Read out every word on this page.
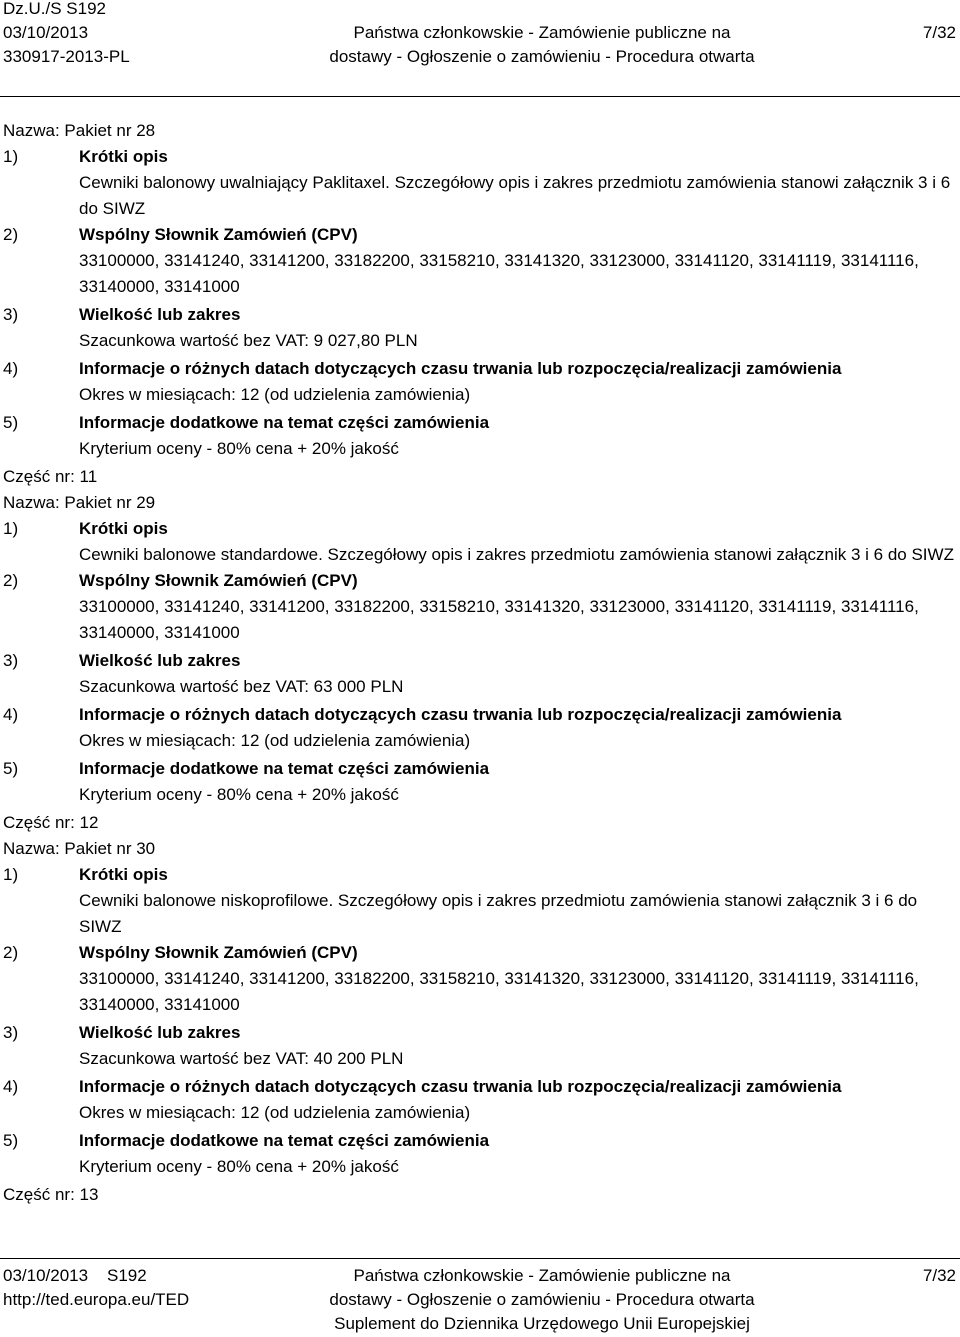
Dz.U./S S192
03/10/2013
330917-2013-PL
Państwa członkowskie - Zamówienie publiczne na
dostawy - Ogłoszenie o zamówieniu - Procedura otwarta
7/32
Nazwa: Pakiet nr 28
1)	Krótki opis
Cewniki balonowy uwalniający Paklitaxel. Szczegółowy opis i zakres przedmiotu zamówienia stanowi załącznik 3 i 6 do SIWZ
2)	Wspólny Słownik Zamówień (CPV)
33100000, 33141240, 33141200, 33182200, 33158210, 33141320, 33123000, 33141120, 33141119, 33141116, 33140000, 33141000
3)	Wielkość lub zakres
Szacunkowa wartość bez VAT: 9 027,80 PLN
4)	Informacje o różnych datach dotyczących czasu trwania lub rozpoczęcia/realizacji zamówienia
Okres w miesiącach: 12 (od udzielenia zamówienia)
5)	Informacje dodatkowe na temat części zamówienia
Kryterium oceny - 80% cena + 20% jakość
Część nr: 11
Nazwa: Pakiet nr 29
1)	Krótki opis
Cewniki balonowe standardowe. Szczegółowy opis i zakres przedmiotu zamówienia stanowi załącznik 3 i 6 do SIWZ
2)	Wspólny Słownik Zamówień (CPV)
33100000, 33141240, 33141200, 33182200, 33158210, 33141320, 33123000, 33141120, 33141119, 33141116, 33140000, 33141000
3)	Wielkość lub zakres
Szacunkowa wartość bez VAT: 63 000 PLN
4)	Informacje o różnych datach dotyczących czasu trwania lub rozpoczęcia/realizacji zamówienia
Okres w miesiącach: 12 (od udzielenia zamówienia)
5)	Informacje dodatkowe na temat części zamówienia
Kryterium oceny - 80% cena + 20% jakość
Część nr: 12
Nazwa: Pakiet nr 30
1)	Krótki opis
Cewniki balonowe niskoprofilowe. Szczegółowy opis i zakres przedmiotu zamówienia stanowi załącznik 3 i 6 do SIWZ
2)	Wspólny Słownik Zamówień (CPV)
33100000, 33141240, 33141200, 33182200, 33158210, 33141320, 33123000, 33141120, 33141119, 33141116, 33140000, 33141000
3)	Wielkość lub zakres
Szacunkowa wartość bez VAT: 40 200 PLN
4)	Informacje o różnych datach dotyczących czasu trwania lub rozpoczęcia/realizacji zamówienia
Okres w miesiącach: 12 (od udzielenia zamówienia)
5)	Informacje dodatkowe na temat części zamówienia
Kryterium oceny - 80% cena + 20% jakość
Część nr: 13
03/10/2013    S192
http://ted.europa.eu/TED
Państwa członkowskie - Zamówienie publiczne na
dostawy - Ogłoszenie o zamówieniu - Procedura otwarta
Suplement do Dziennika Urzędowego Unii Europejskiej
7/32
